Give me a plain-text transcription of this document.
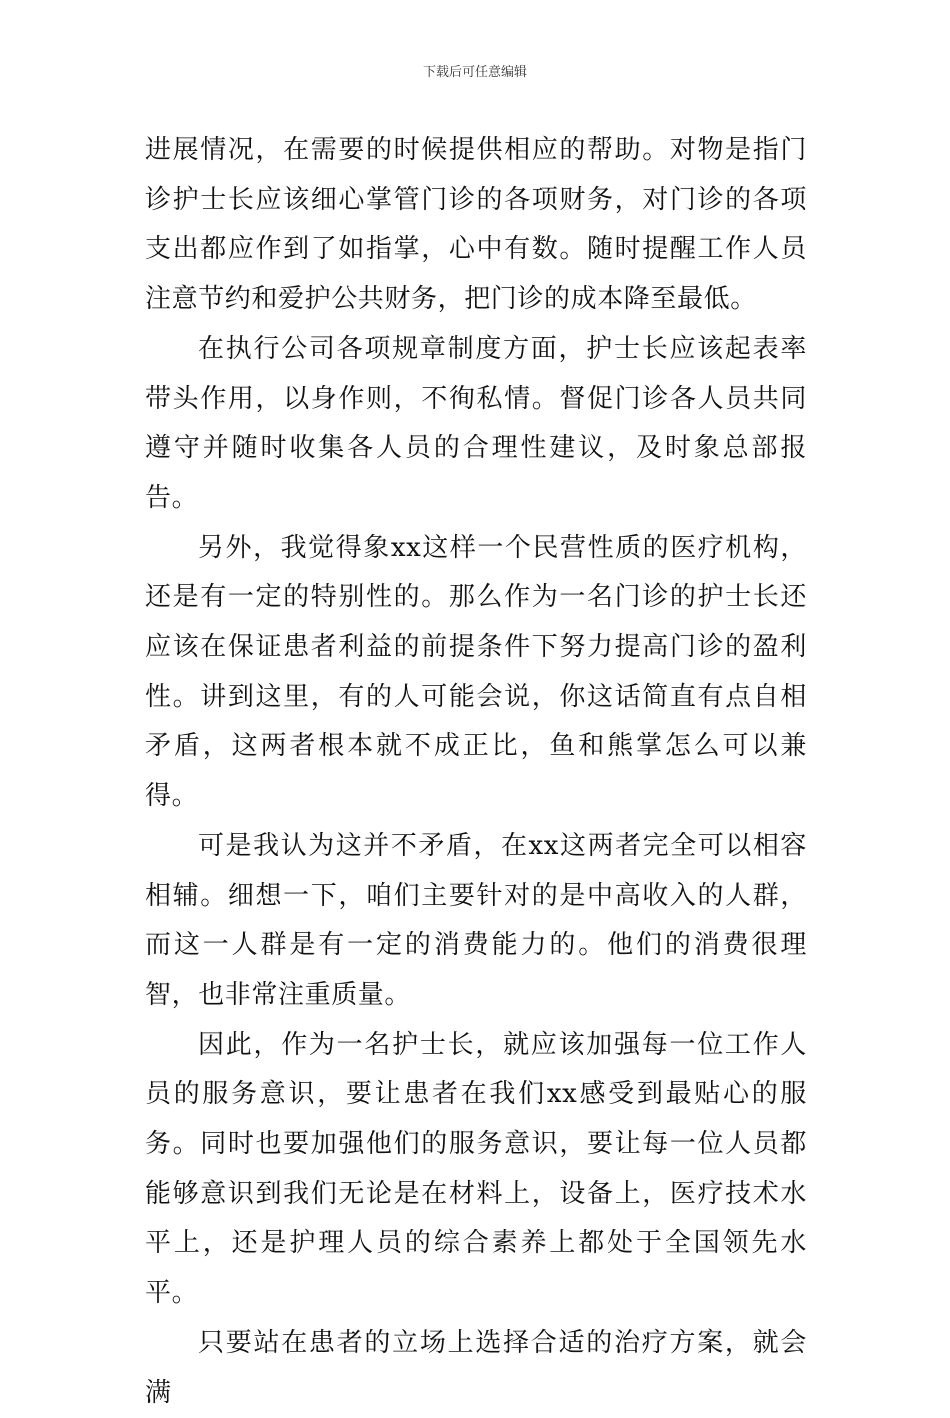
下载后可任意编辑

进展情况，在需要的时候提供相应的帮助。对物是指门诊护士长应该细心掌管门诊的各项财务，对门诊的各项支出都应作到了如指掌，心中有数。随时提醒工作人员注意节约和爱护公共财务，把门诊的成本降至最低。

在执行公司各项规章制度方面，护士长应该起表率带头作用，以身作则，不徇私情。督促门诊各人员共同遵守并随时收集各人员的合理性建议，及时象总部报告。

另外，我觉得象xx这样一个民营性质的医疗机构，还是有一定的特别性的。那么作为一名门诊的护士长还应该在保证患者利益的前提条件下努力提高门诊的盈利性。讲到这里，有的人可能会说，你这话简直有点自相矛盾，这两者根本就不成正比，鱼和熊掌怎么可以兼得。

可是我认为这并不矛盾，在xx这两者完全可以相容相辅。细想一下，咱们主要针对的是中高收入的人群，而这一人群是有一定的消费能力的。他们的消费很理智，也非常注重质量。

因此，作为一名护士长，就应该加强每一位工作人员的服务意识，要让患者在我们xx感受到最贴心的服务。同时也要加强他们的服务意识，要让每一位人员都能够意识到我们无论是在材料上，设备上，医疗技术水平上，还是护理人员的综合素养上都处于全国领先水平。

只要站在患者的立场上选择合适的治疗方案，就会满
